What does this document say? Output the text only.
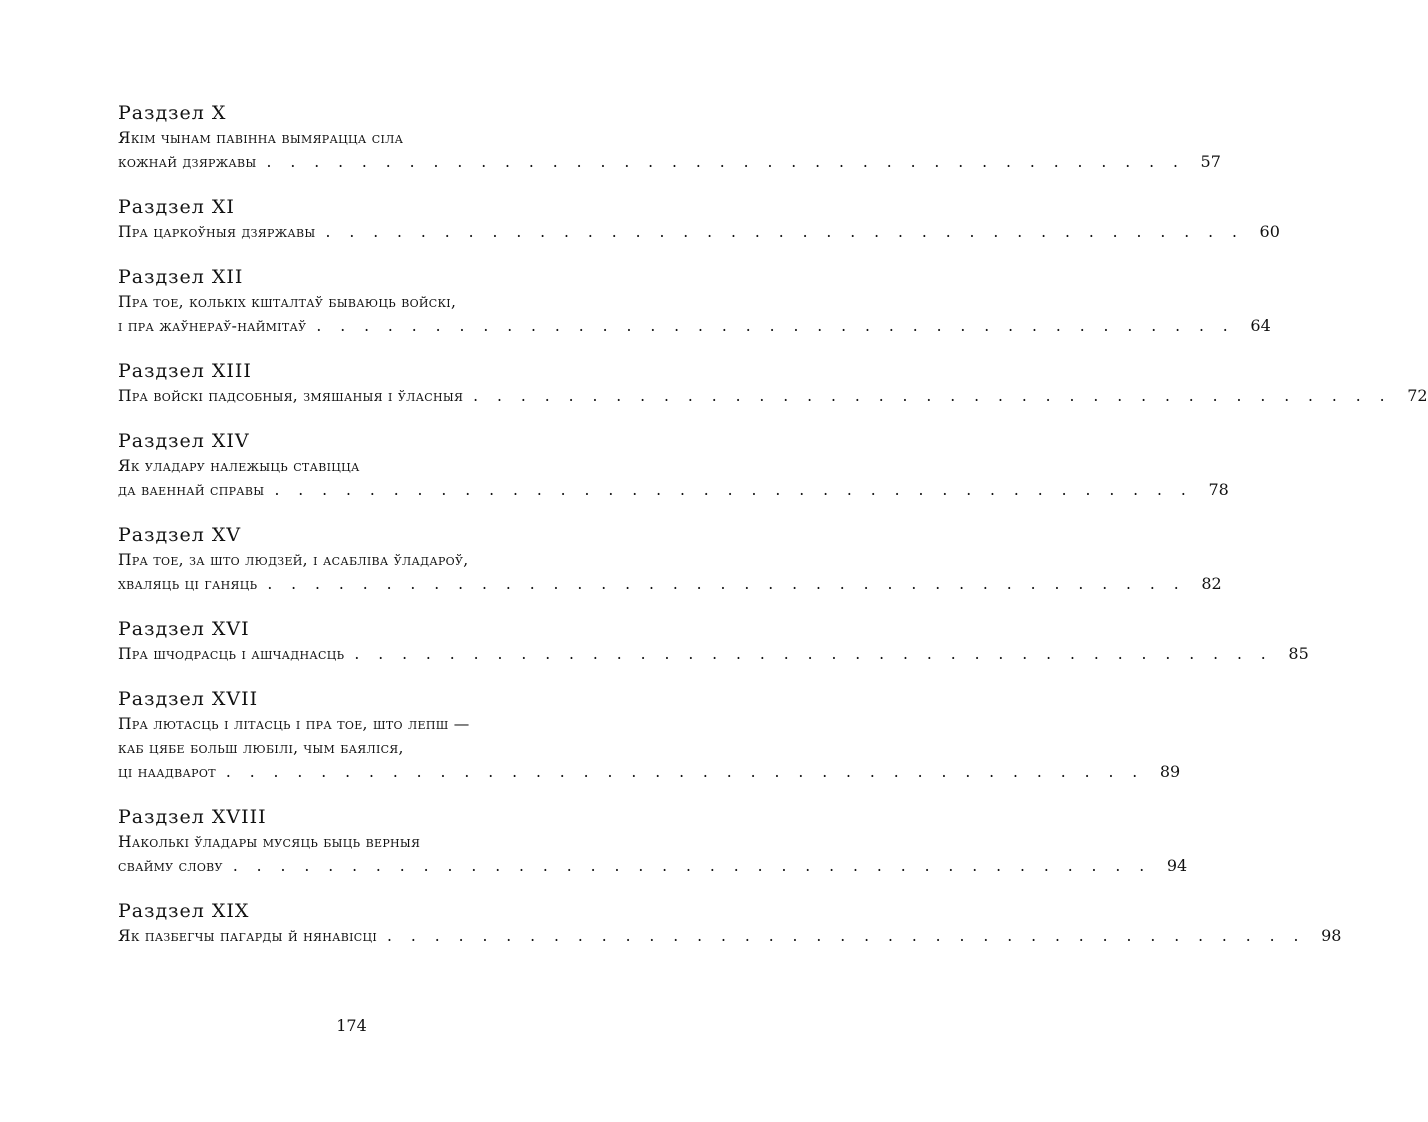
Раздзел X
Якім чынам павінна вымярацца сіла
кожнай дзяржавы . . . . . . . . . . . . . . . . . . . . . . . . . . . . . . . . . . . . . . . 57
Раздзел XI
Пра царкоўныя дзяржавы . . . . . . . . . . . . . . . . . . . . . . . . . . . . . . . . . . . . . . . 60
Раздзел XII
Пра тое, колькіх кшталтаў бываюць войскі,
і пра жаўнераў-наймітаў . . . . . . . . . . . . . . . . . . . . . . . . . . . . . . . . . . . . . . . 64
Раздзел XIII
Пра войскі падсобныя, змяшаныя і ўласныя . . . . . . . . . . . . . . . . . . . . . . . . . . . . . . . . . . . . . . . 72
Раздзел XIV
Як уладару належыць ставіцца
да ваеннай справы . . . . . . . . . . . . . . . . . . . . . . . . . . . . . . . . . . . . . . . 78
Раздзел XV
Пра тое, за што людзей, і асабліва ўладароў,
хваляць ці ганяць . . . . . . . . . . . . . . . . . . . . . . . . . . . . . . . . . . . . . . . 82
Раздзел XVI
Пра шчодрасць і ашчаднасць . . . . . . . . . . . . . . . . . . . . . . . . . . . . . . . . . . . . . . . 85
Раздзел XVII
Пра лютасць і літасць і пра тое, што лепш —
каб цябе больш любілі, чым баяліся,
ці наадварот . . . . . . . . . . . . . . . . . . . . . . . . . . . . . . . . . . . . . . . 89
Раздзел XVIII
Наколькі ўладары мусяць быць верныя
свайму слову . . . . . . . . . . . . . . . . . . . . . . . . . . . . . . . . . . . . . . . 94
Раздзел XIX
Як пазбегчы пагарды й нянавісці . . . . . . . . . . . . . . . . . . . . . . . . . . . . . . . . . . . . . . . 98
174
